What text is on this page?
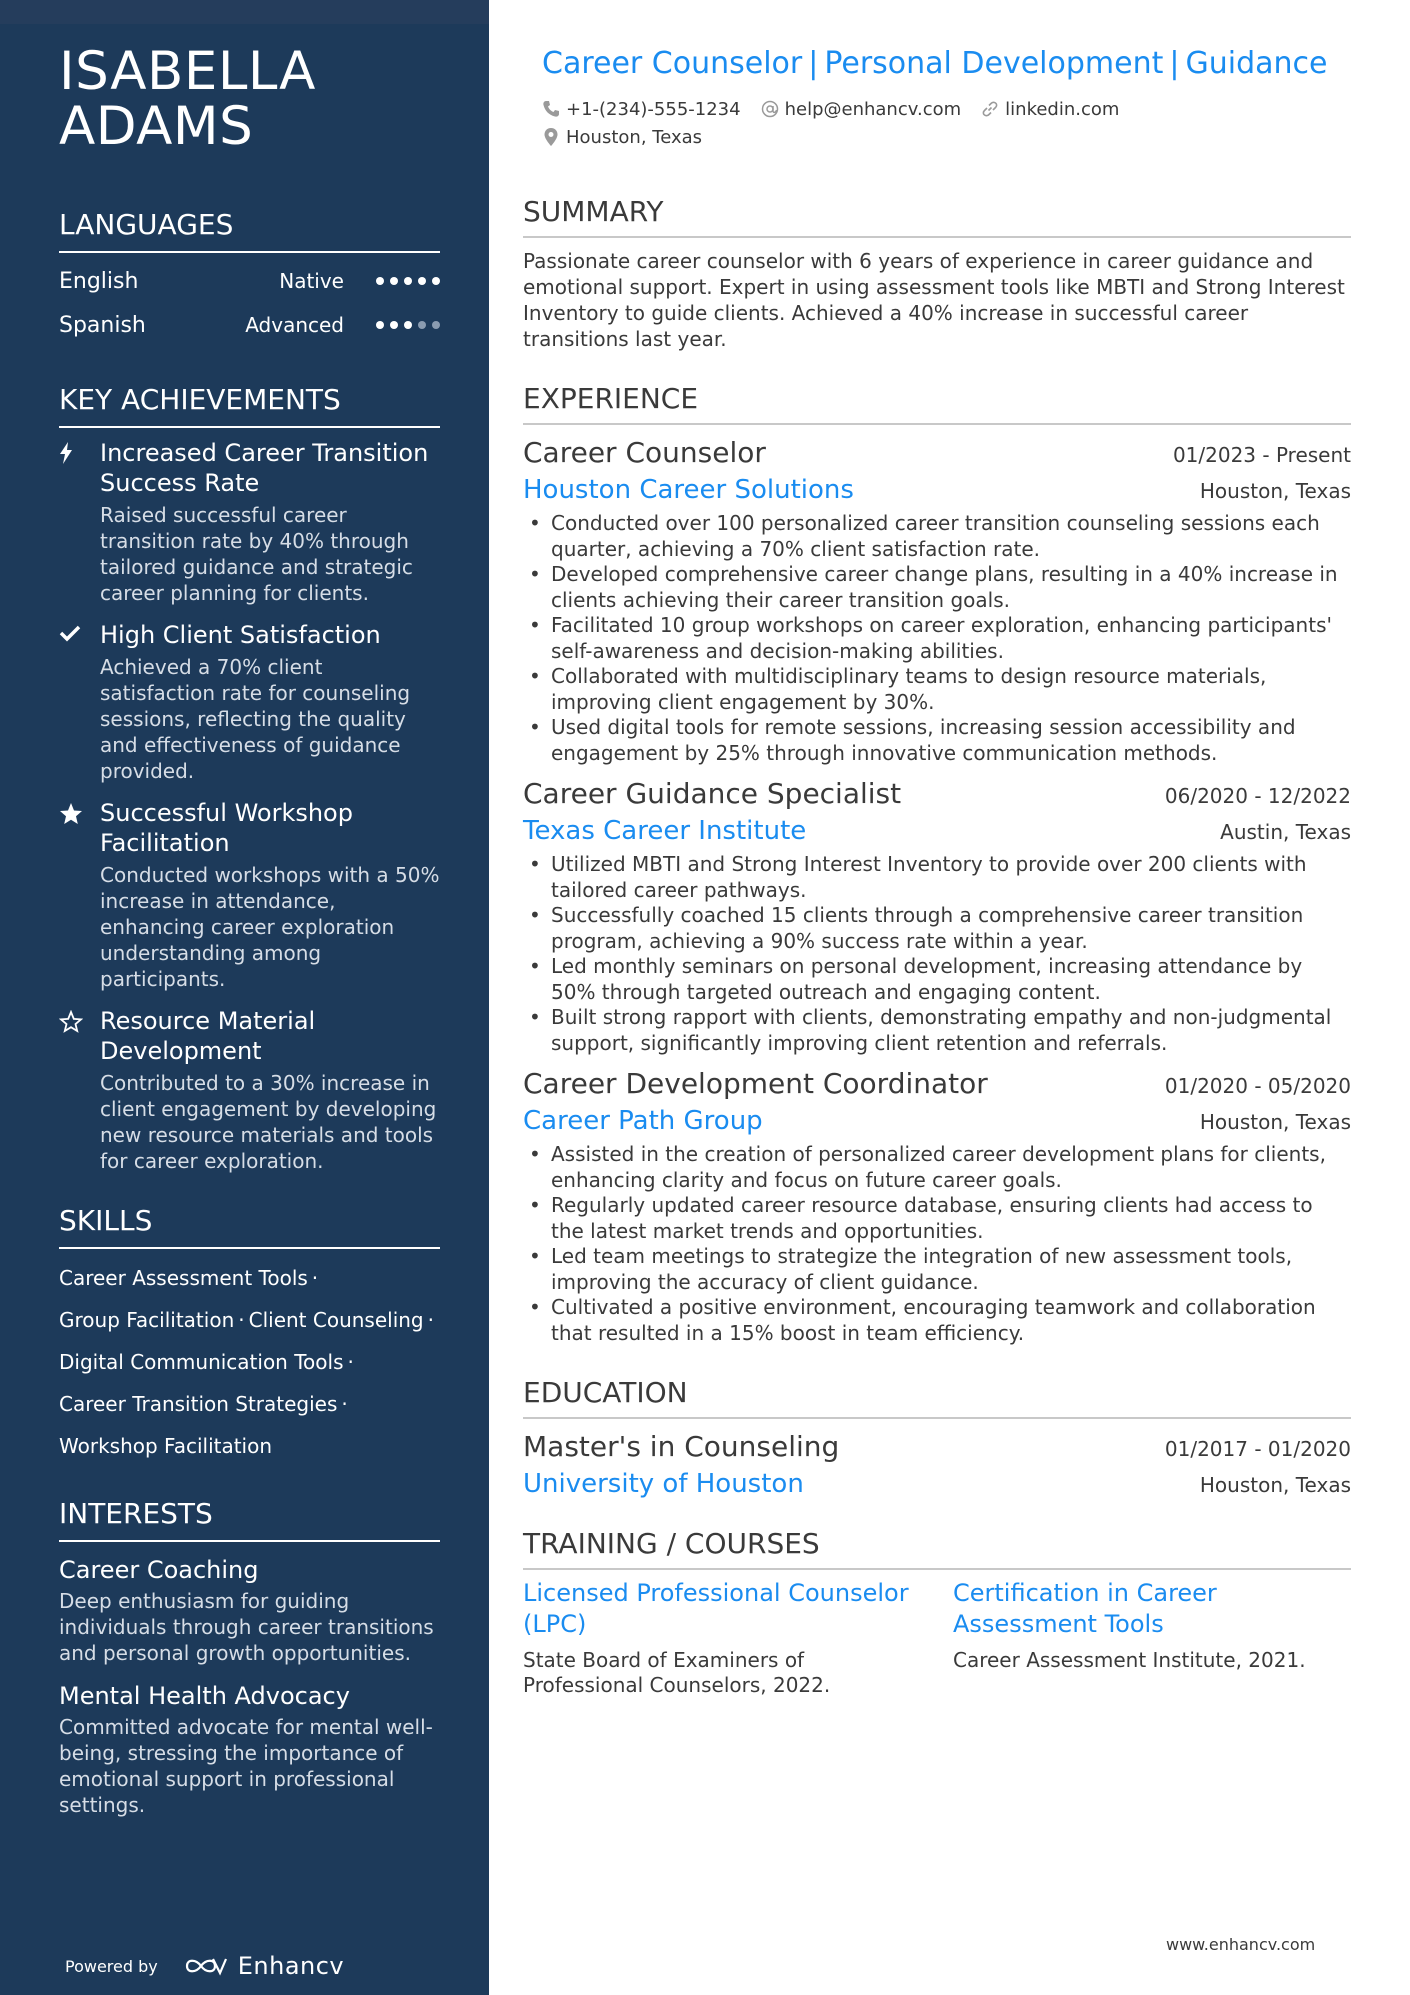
ISABELLA
ADAMS
LANGUAGES
English	Native
Spanish	Advanced
KEY ACHIEVEMENTS
Increased Career Transition Success Rate
Raised successful career transition rate by 40% through tailored guidance and strategic career planning for clients.
High Client Satisfaction
Achieved a 70% client satisfaction rate for counseling sessions, reflecting the quality and effectiveness of guidance provided.
Successful Workshop Facilitation
Conducted workshops with a 50% increase in attendance, enhancing career exploration understanding among participants.
Resource Material Development
Contributed to a 30% increase in client engagement by developing new resource materials and tools for career exploration.
SKILLS
Career Assessment Tools ·
Group Facilitation · Client Counseling ·
Digital Communication Tools ·
Career Transition Strategies ·
Workshop Facilitation
INTERESTS
Career Coaching
Deep enthusiasm for guiding individuals through career transitions and personal growth opportunities.
Mental Health Advocacy
Committed advocate for mental well-being, stressing the importance of emotional support in professional settings.
Powered by	Enhancv
Career Counselor | Personal Development | Guidance
+1-(234)-555-1234 help@enhancv.com linkedin.com
Houston, Texas
SUMMARY

Passionate career counselor with 6 years of experience in career guidance and emotional support. Expert in using assessment tools like MBTI and Strong Interest Inventory to guide clients. Achieved a 40% increase in successful career transitions last year.

EXPERIENCE
Career Counselor	01/2023 - Present
Houston Career Solutions	Houston, Texas
• Conducted over 100 personalized career transition counseling sessions each quarter, achieving a 70% client satisfaction rate.
• Developed comprehensive career change plans, resulting in a 40% increase in clients achieving their career transition goals.
• Facilitated 10 group workshops on career exploration, enhancing participants' self-awareness and decision-making abilities.
• Collaborated with multidisciplinary teams to design resource materials, improving client engagement by 30%.
• Used digital tools for remote sessions, increasing session accessibility and engagement by 25% through innovative communication methods.
Career Guidance Specialist	06/2020 - 12/2022
Texas Career Institute	Austin, Texas
• Utilized MBTI and Strong Interest Inventory to provide over 200 clients with tailored career pathways.
• Successfully coached 15 clients through a comprehensive career transition program, achieving a 90% success rate within a year.
• Led monthly seminars on personal development, increasing attendance by 50% through targeted outreach and engaging content.
• Built strong rapport with clients, demonstrating empathy and non-judgmental support, significantly improving client retention and referrals.
Career Development Coordinator	01/2020 - 05/2020
Career Path Group	Houston, Texas
• Assisted in the creation of personalized career development plans for clients, enhancing clarity and focus on future career goals.
• Regularly updated career resource database, ensuring clients had access to the latest market trends and opportunities.
• Led team meetings to strategize the integration of new assessment tools, improving the accuracy of client guidance.
• Cultivated a positive environment, encouraging teamwork and collaboration that resulted in a 15% boost in team efficiency.
EDUCATION
Master's in Counseling	01/2017 - 01/2020
University of Houston	Houston, Texas
TRAINING / COURSES
Licensed Professional Counselor (LPC)
State Board of Examiners of Professional Counselors, 2022.
Certification in Career Assessment Tools
Career Assessment Institute, 2021.
www.enhancv.com
